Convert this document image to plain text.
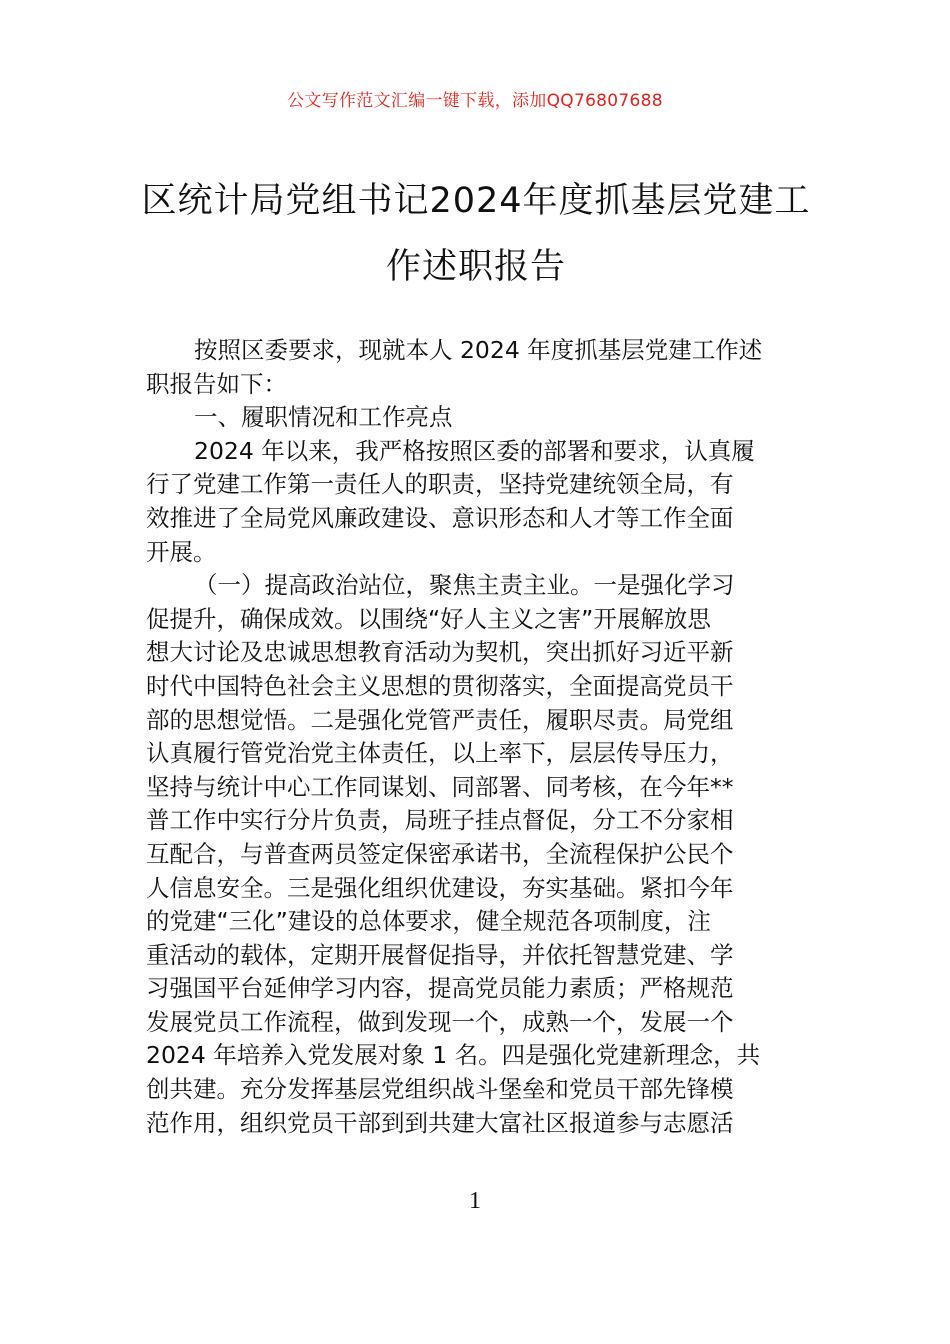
公文写作范文汇编一键下载，添加QQ76807688
区统计局党组书记2024年度抓基层党建工
作述职报告
按照区委要求，现就本人 2024 年度抓基层党建工作述
职报告如下：
一、履职情况和工作亮点
2024 年以来，我严格按照区委的部署和要求，认真履
行了党建工作第一责任人的职责，坚持党建统领全局，有
效推进了全局党风廉政建设、意识形态和人才等工作全面
开展。
（一）提高政治站位，聚焦主责主业。一是强化学习
促提升，确保成效。以围绕“好人主义之害”开展解放思
想大讨论及忠诚思想教育活动为契机，突出抓好习近平新
时代中国特色社会主义思想的贯彻落实，全面提高党员干
部的思想觉悟。二是强化党管严责任，履职尽责。局党组
认真履行管党治党主体责任，以上率下，层层传导压力，
坚持与统计中心工作同谋划、同部署、同考核，在今年**
普工作中实行分片负责，局班子挂点督促，分工不分家相
互配合，与普查两员签定保密承诺书，全流程保护公民个
人信息安全。三是强化组织优建设，夯实基础。紧扣今年
的党建“三化”建设的总体要求，健全规范各项制度，注
重活动的载体，定期开展督促指导，并依托智慧党建、学
习强国平台延伸学习内容，提高党员能力素质；严格规范
发展党员工作流程，做到发现一个，成熟一个，发展一个
2024 年培养入党发展对象 1 名。四是强化党建新理念，共
创共建。充分发挥基层党组织战斗堡垒和党员干部先锋模
范作用，组织党员干部到到共建大富社区报道参与志愿活
1
